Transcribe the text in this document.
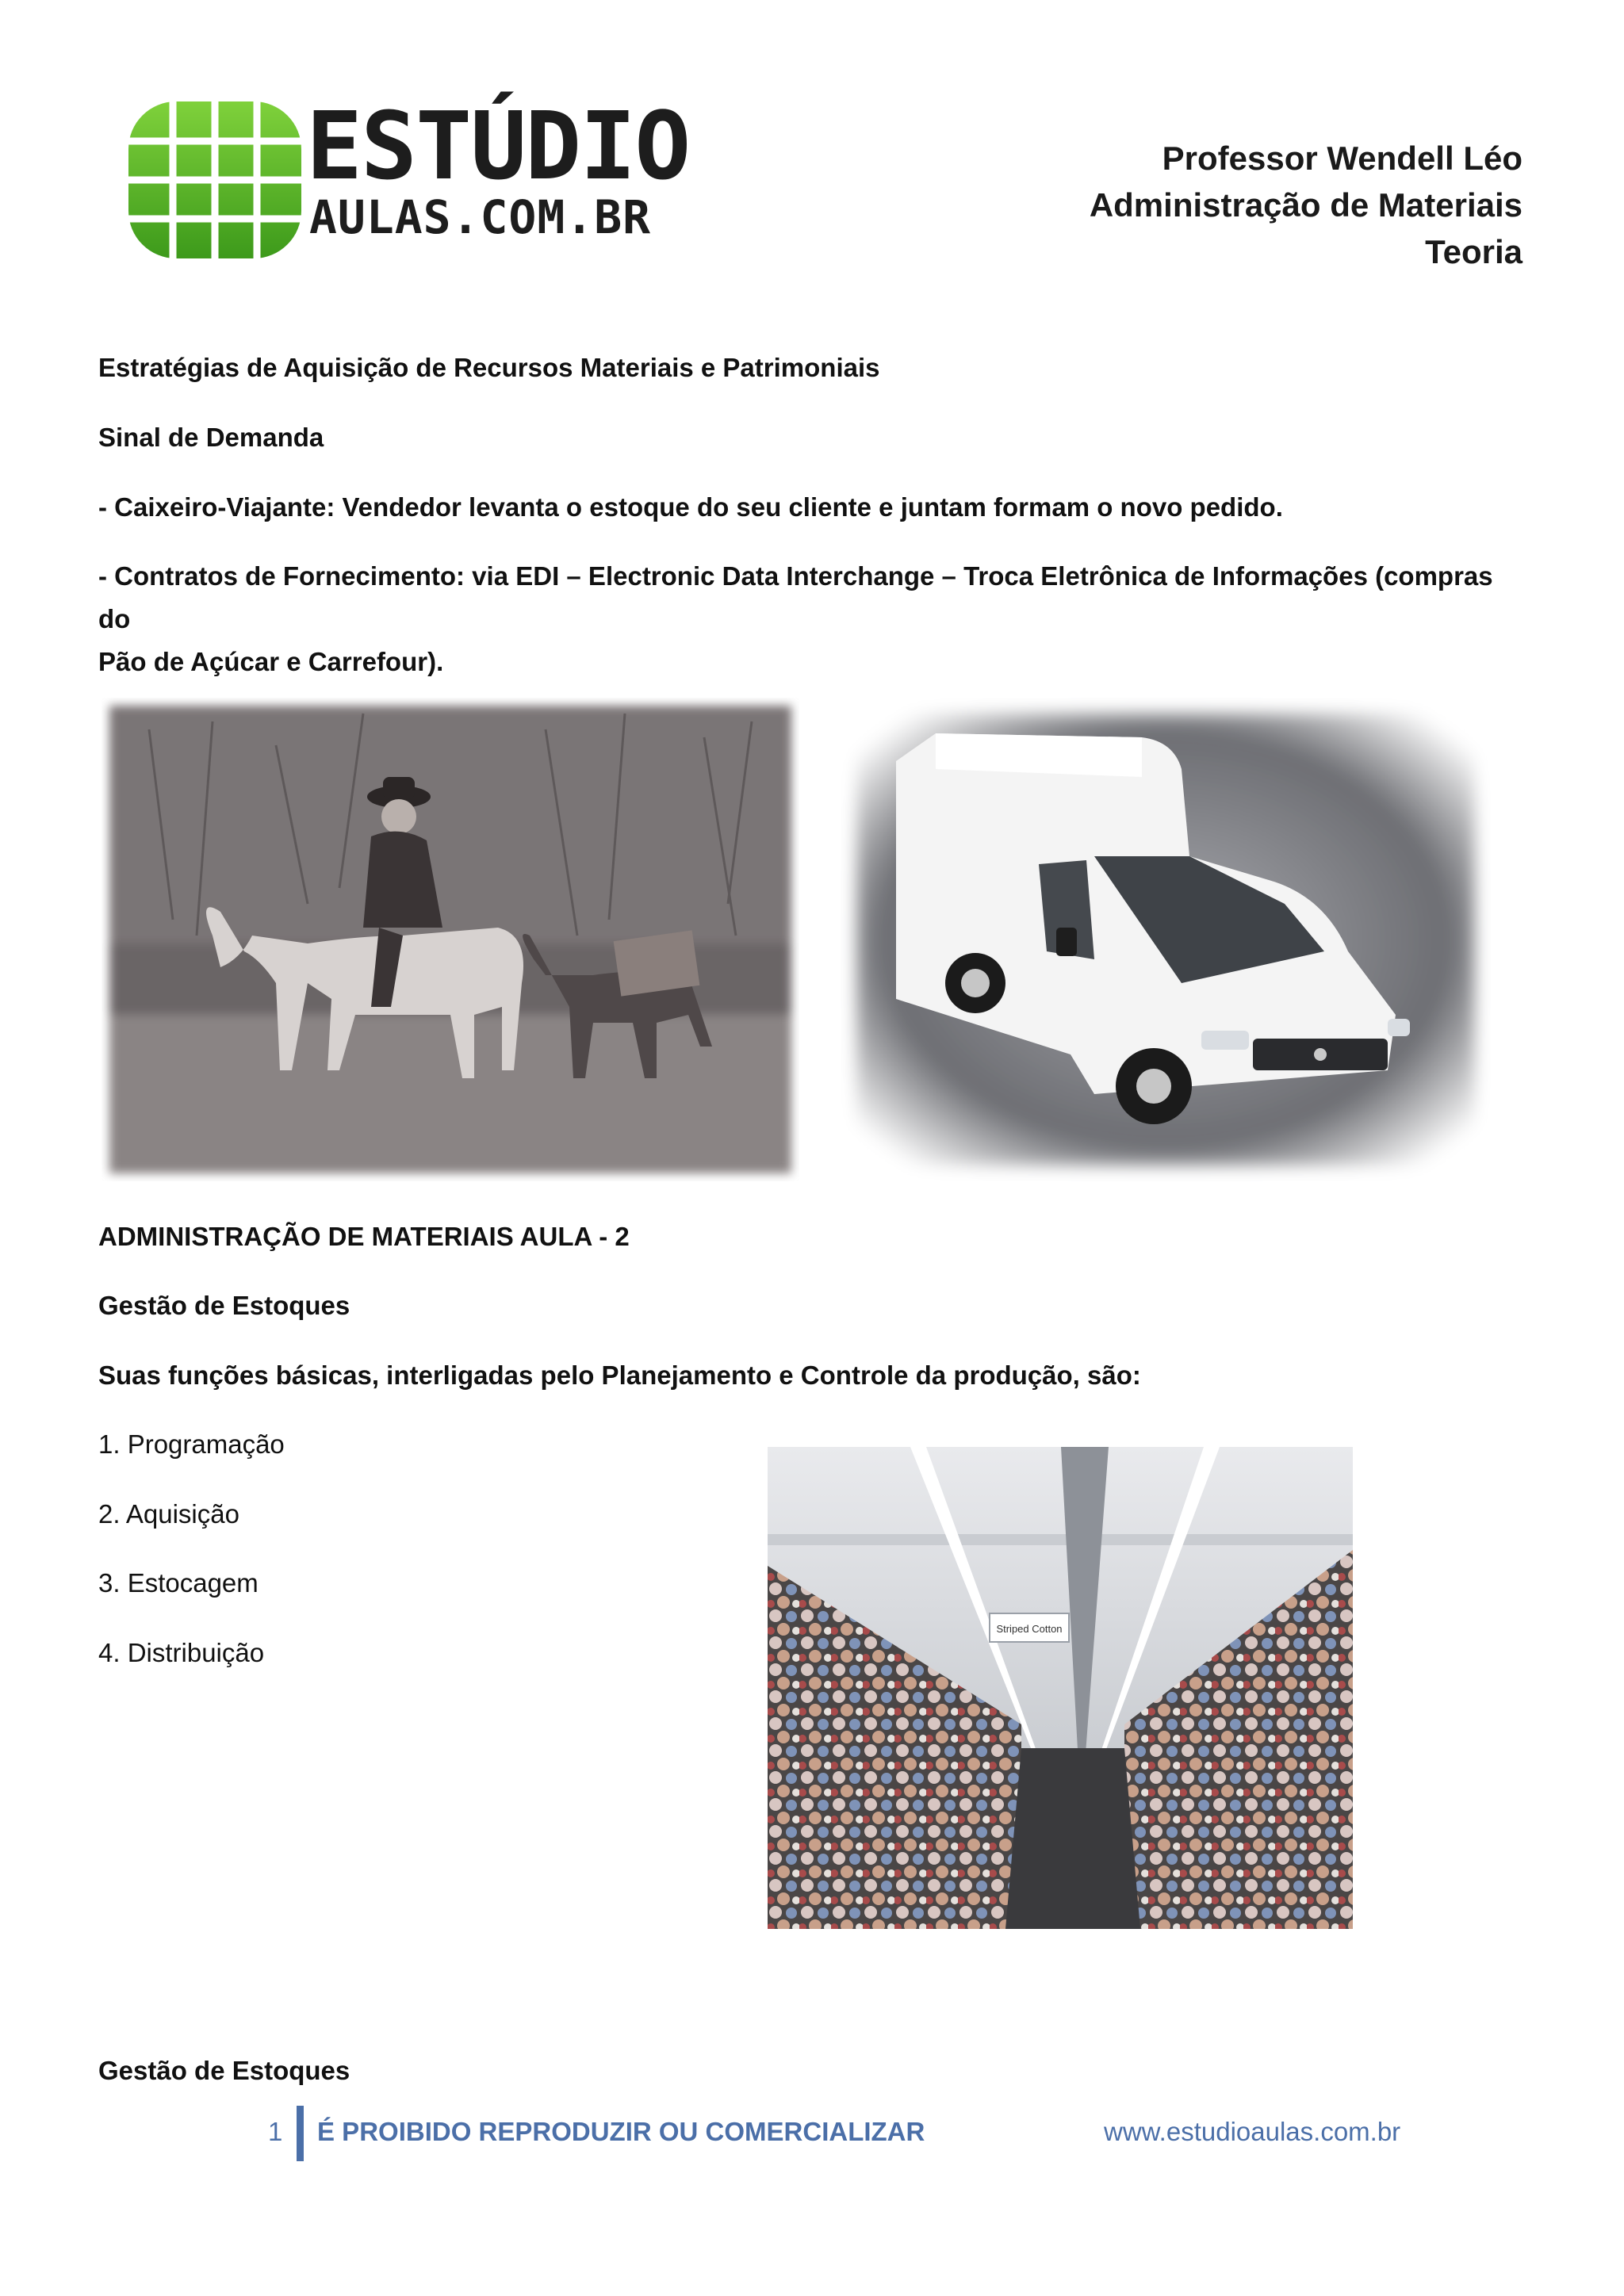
ESTÚDIO
AULAS.COM.BR
Professor Wendell Léo
Administração de Materiais
Teoria
Estratégias de Aquisição de Recursos Materiais e Patrimoniais
Sinal de Demanda
- Caixeiro-Viajante: Vendedor levanta o estoque do seu cliente e juntam formam o novo pedido.
- Contratos de Fornecimento: via EDI – Electronic Data Interchange – Troca Eletrônica de Informações (compras do
Pão de Açúcar e Carrefour).
ADMINISTRAÇÃO DE MATERIAIS AULA - 2
Gestão de Estoques
Suas funções básicas, interligadas pelo Planejamento e Controle da produção, são:
1. Programação
2. Aquisição
3. Estocagem
4. Distribuição
Striped Cotton
Gestão de Estoques
1 É PROIBIDO REPRODUZIR OU COMERCIALIZAR	www.estudioaulas.com.br
